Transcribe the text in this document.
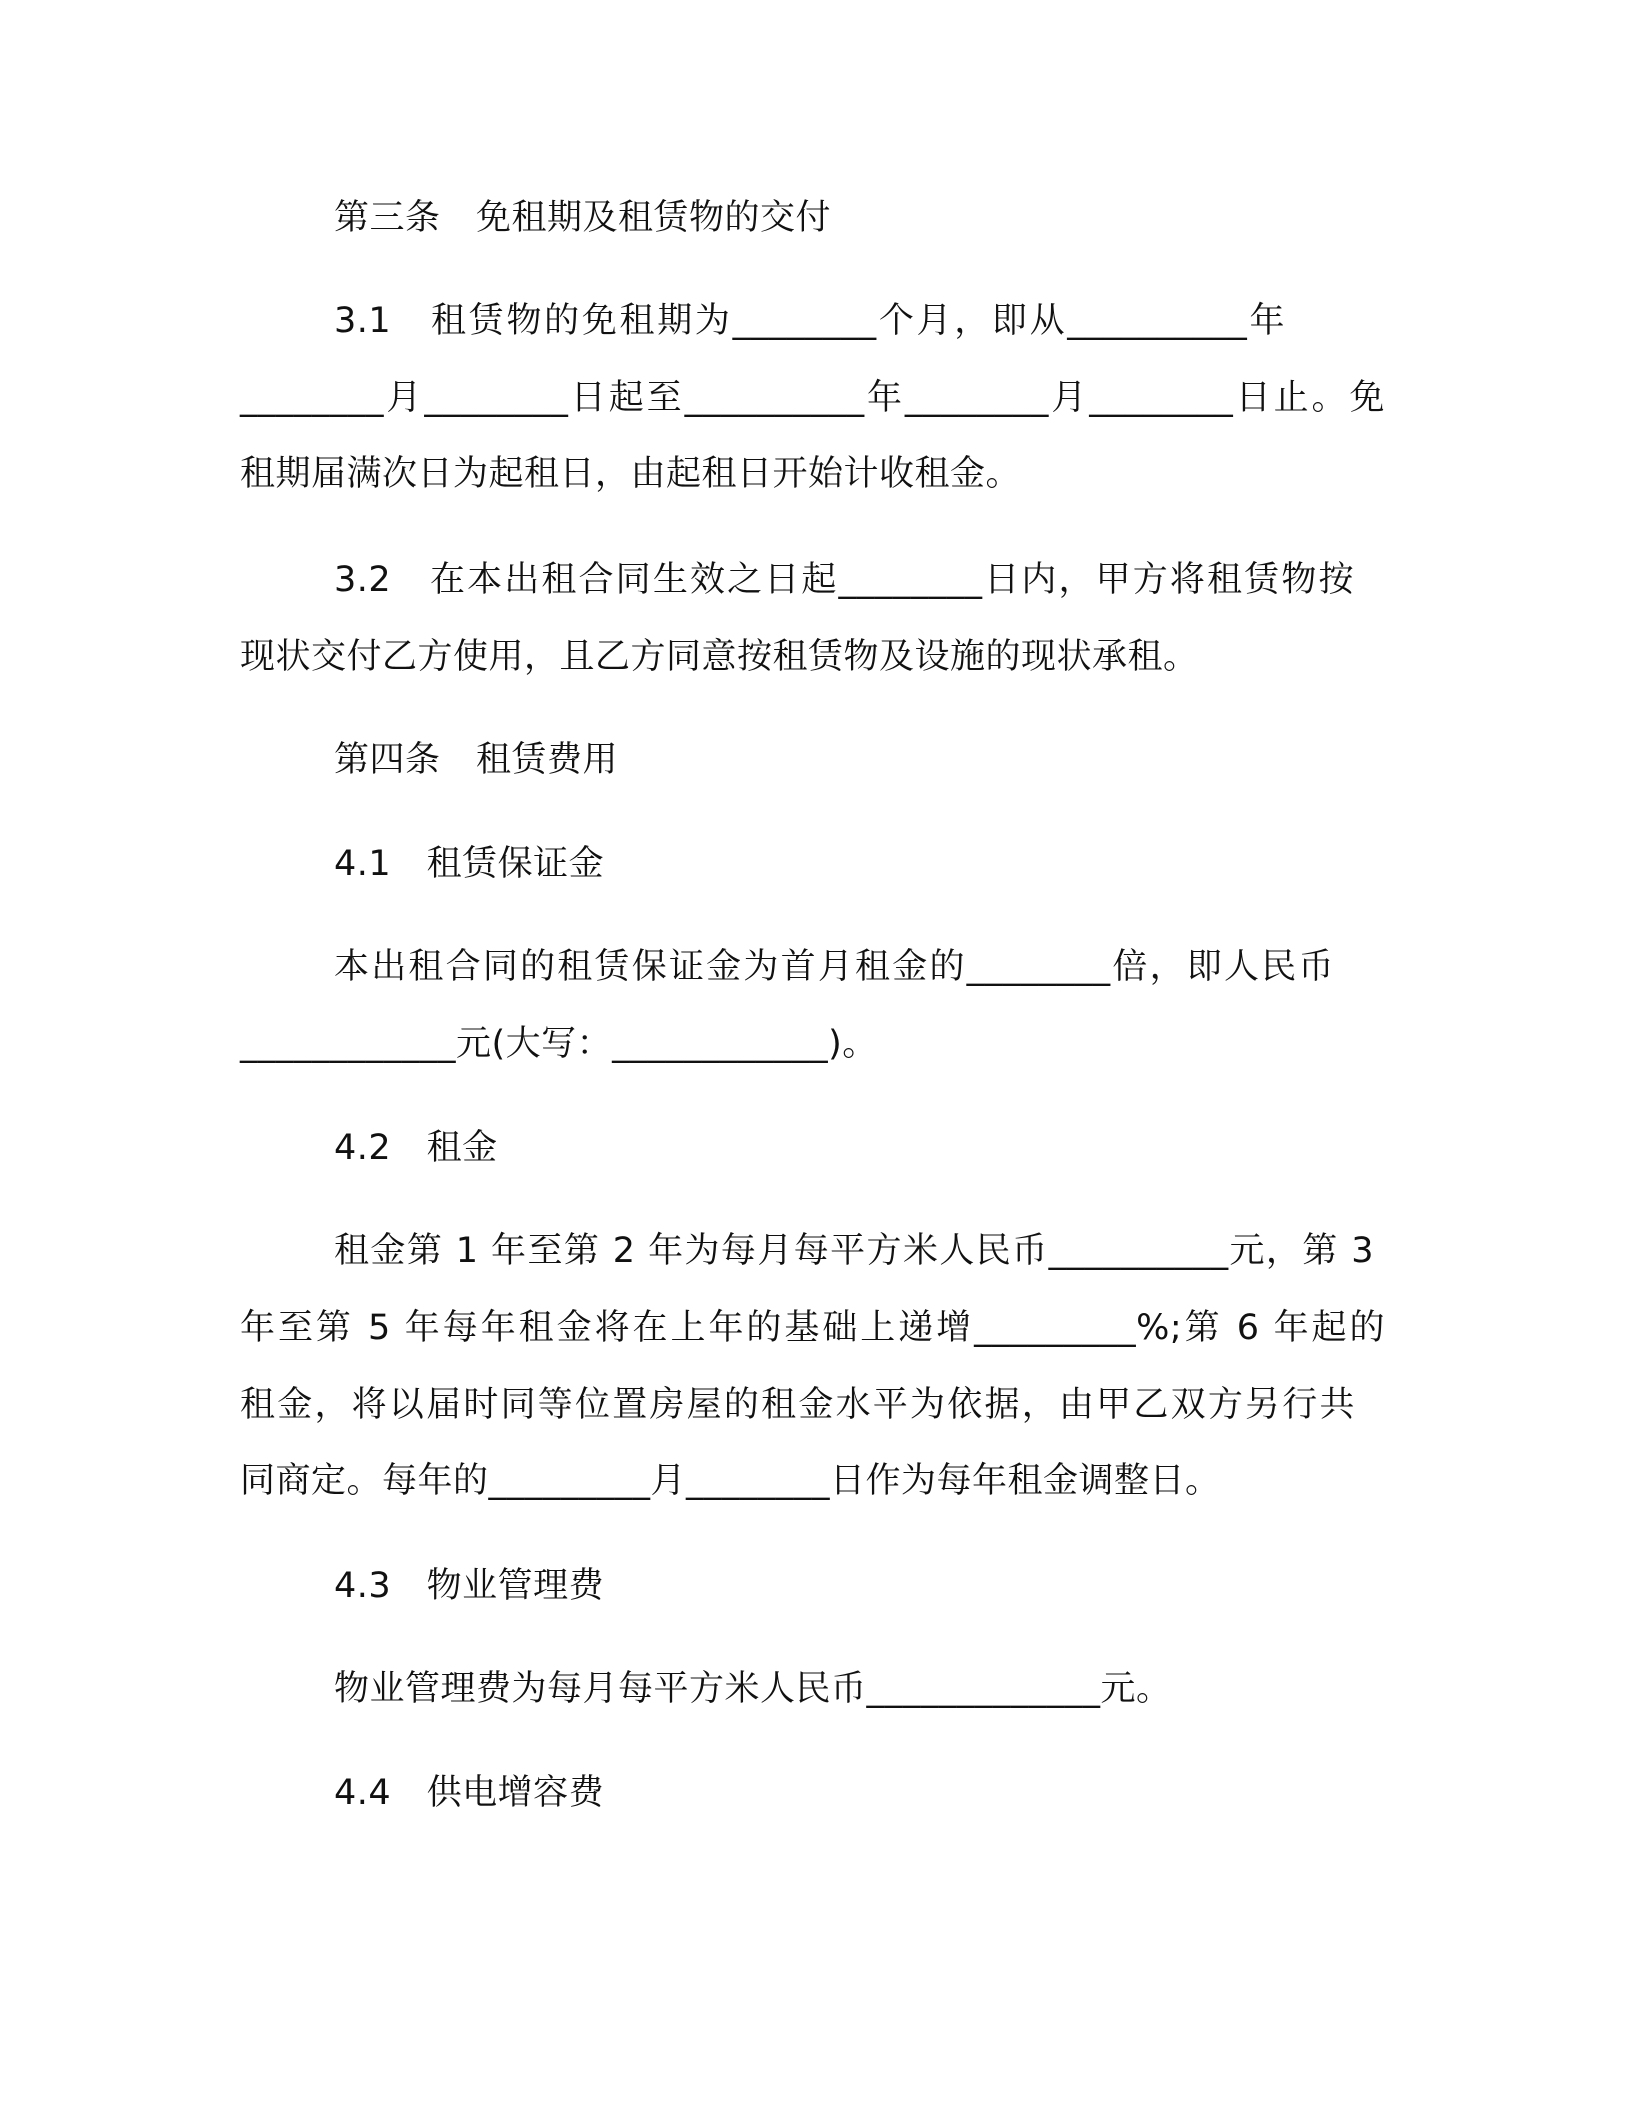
第三条　免租期及租赁物的交付

3.1　租赁物的免租期为________个月，即从__________年

________月________日起至__________年________月________日止。免

租期届满次日为起租日，由起租日开始计收租金。

3.2　在本出租合同生效之日起________日内，甲方将租赁物按

现状交付乙方使用，且乙方同意按租赁物及设施的现状承租。

第四条　租赁费用

4.1　租赁保证金

本出租合同的租赁保证金为首月租金的________倍，即人民币

____________元(大写：____________)。

4.2　租金

租金第 1 年至第 2 年为每月每平方米人民币__________元，第 3

年至第 5 年每年租金将在上年的基础上递增_________%;第 6 年起的

租金，将以届时同等位置房屋的租金水平为依据，由甲乙双方另行共

同商定。每年的_________月________日作为每年租金调整日。

4.3　物业管理费

物业管理费为每月每平方米人民币_____________元。

4.4　供电增容费
